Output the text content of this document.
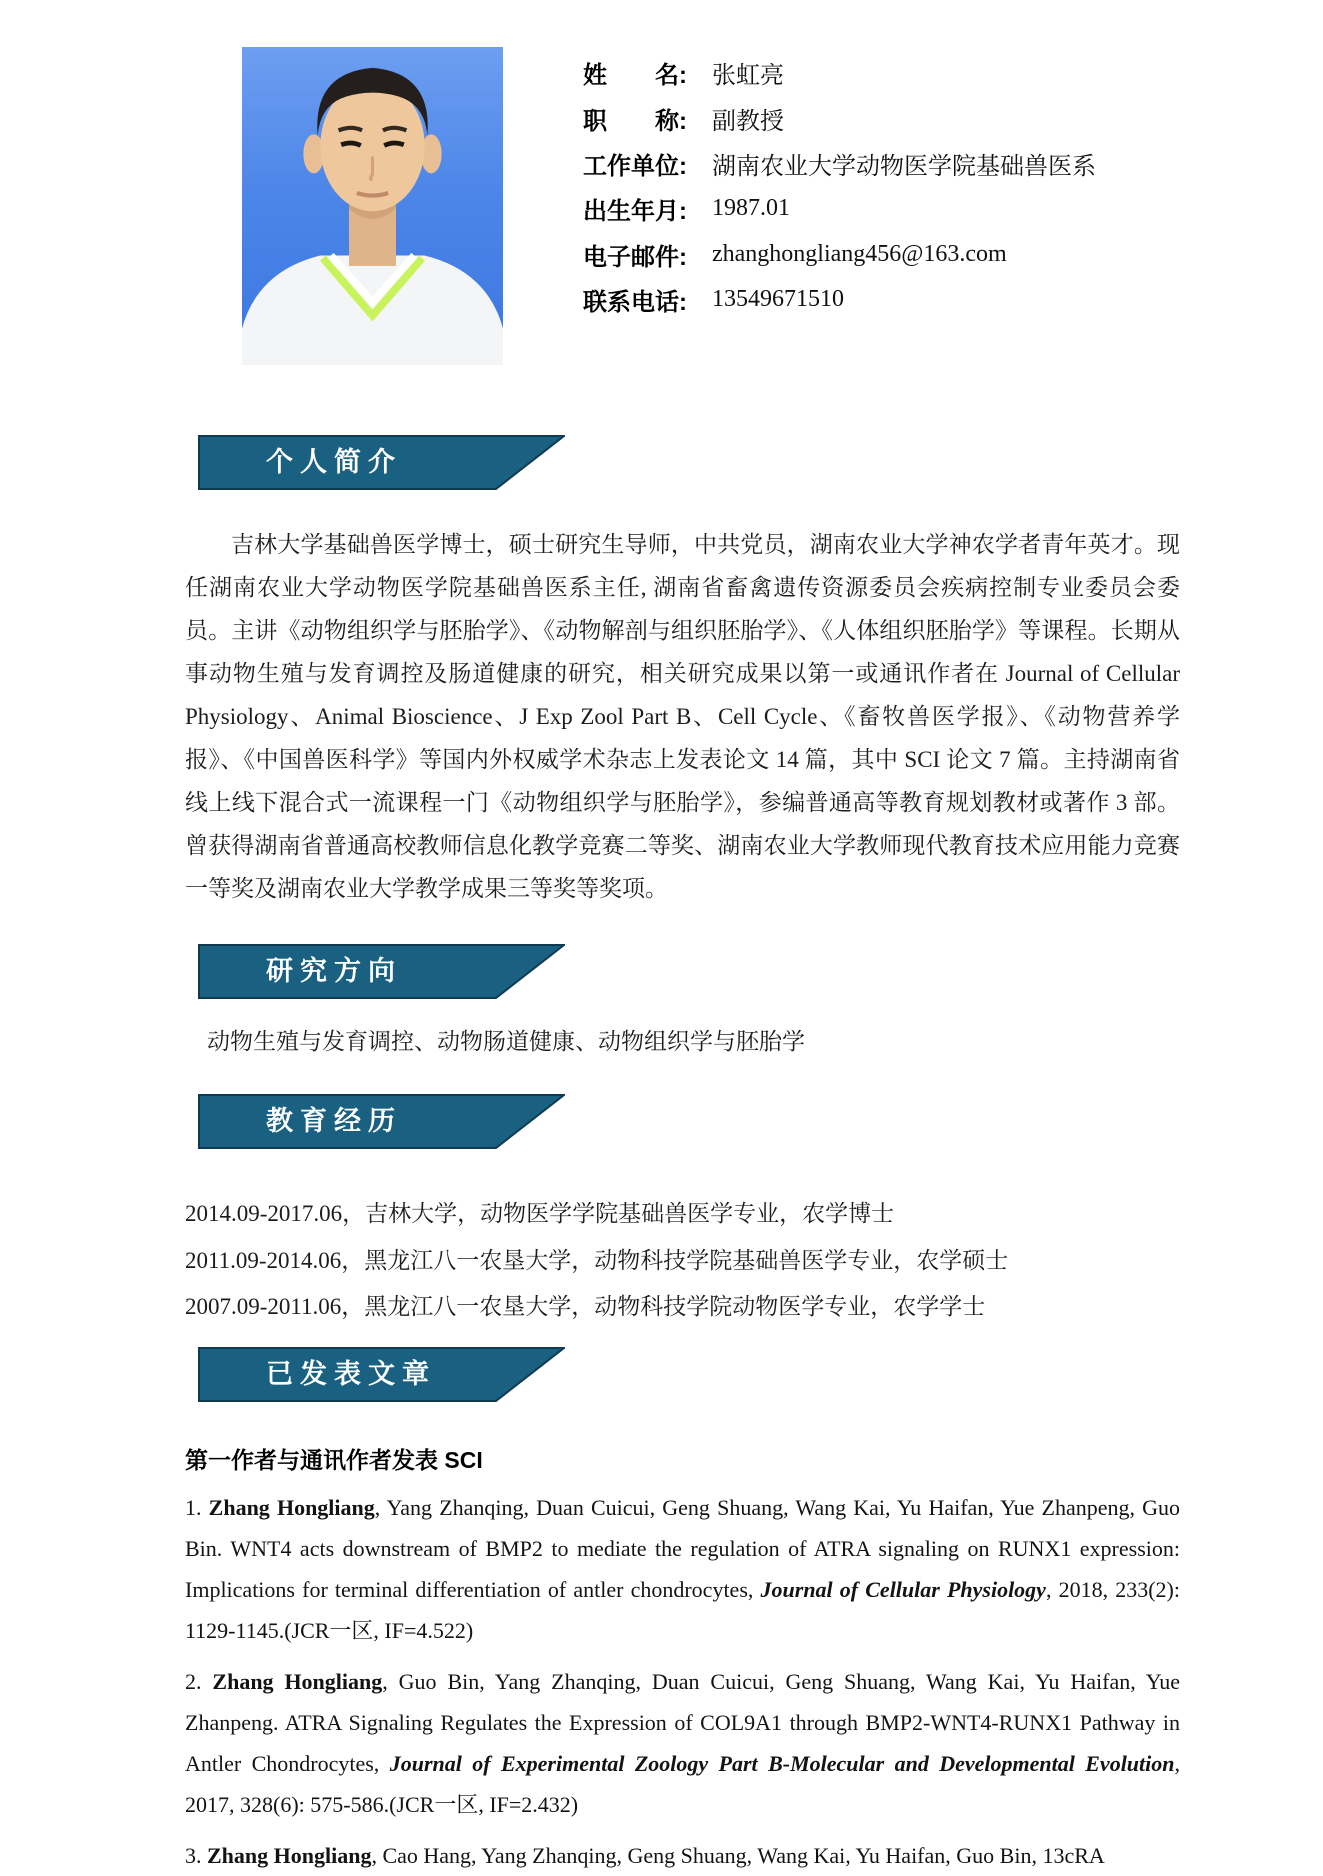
姓　　名:	张虹亮
职　　称:	副教授
工作单位:	湖南农业大学动物医学院基础兽医系
出生年月:	1987.01
电子邮件:	zhanghongliang456@163.com
联系电话:	13549671510
个人简介

吉林大学基础兽医学博士，硕士研究生导师，中共党员，湖南农业大学神农学者青年英才。现任湖南农业大学动物医学院基础兽医系主任, 湖南省畜禽遗传资源委员会疾病控制专业委员会委员。主讲《动物组织学与胚胎学》、《动物解剖与组织胚胎学》、《人体组织胚胎学》等课程。长期从事动物生殖与发育调控及肠道健康的研究，相关研究成果以第一或通讯作者在 Journal of Cellular Physiology、Animal Bioscience、J Exp Zool Part B、Cell Cycle、《畜牧兽医学报》、《动物营养学报》、《中国兽医科学》等国内外权威学术杂志上发表论文 14 篇，其中 SCI 论文 7 篇。主持湖南省线上线下混合式一流课程一门《动物组织学与胚胎学》，参编普通高等教育规划教材或著作 3 部。曾获得湖南省普通高校教师信息化教学竞赛二等奖、湖南农业大学教师现代教育技术应用能力竞赛一等奖及湖南农业大学教学成果三等奖等奖项。

研究方向
动物生殖与发育调控、动物肠道健康、动物组织学与胚胎学
教育经历
2014.09-2017.06，吉林大学，动物医学学院基础兽医学专业，农学博士
2011.09-2014.06，黑龙江八一农垦大学，动物科技学院基础兽医学专业，农学硕士
2007.09-2011.06，黑龙江八一农垦大学，动物科技学院动物医学专业，农学学士
已发表文章
第一作者与通讯作者发表 SCI

1. Zhang Hongliang, Yang Zhanqing, Duan Cuicui, Geng Shuang, Wang Kai, Yu Haifan, Yue Zhanpeng, Guo Bin. WNT4 acts downstream of BMP2 to mediate the regulation of ATRA signaling on RUNX1 expression: Implications for terminal differentiation of antler chondrocytes, Journal of Cellular Physiology, 2018, 233(2): 1129-1145.(JCR一区, IF=4.522)

2. Zhang Hongliang, Guo Bin, Yang Zhanqing, Duan Cuicui, Geng Shuang, Wang Kai, Yu Haifan, Yue Zhanpeng. ATRA Signaling Regulates the Expression of COL9A1 through BMP2-WNT4-RUNX1 Pathway in Antler Chondrocytes, Journal of Experimental Zoology Part B-Molecular and Developmental Evolution, 2017, 328(6): 575-586.(JCR一区, IF=2.432)

3. Zhang Hongliang, Cao Hang, Yang Zhanqing, Geng Shuang, Wang Kai, Yu Haifan, Guo Bin, 13cRA
